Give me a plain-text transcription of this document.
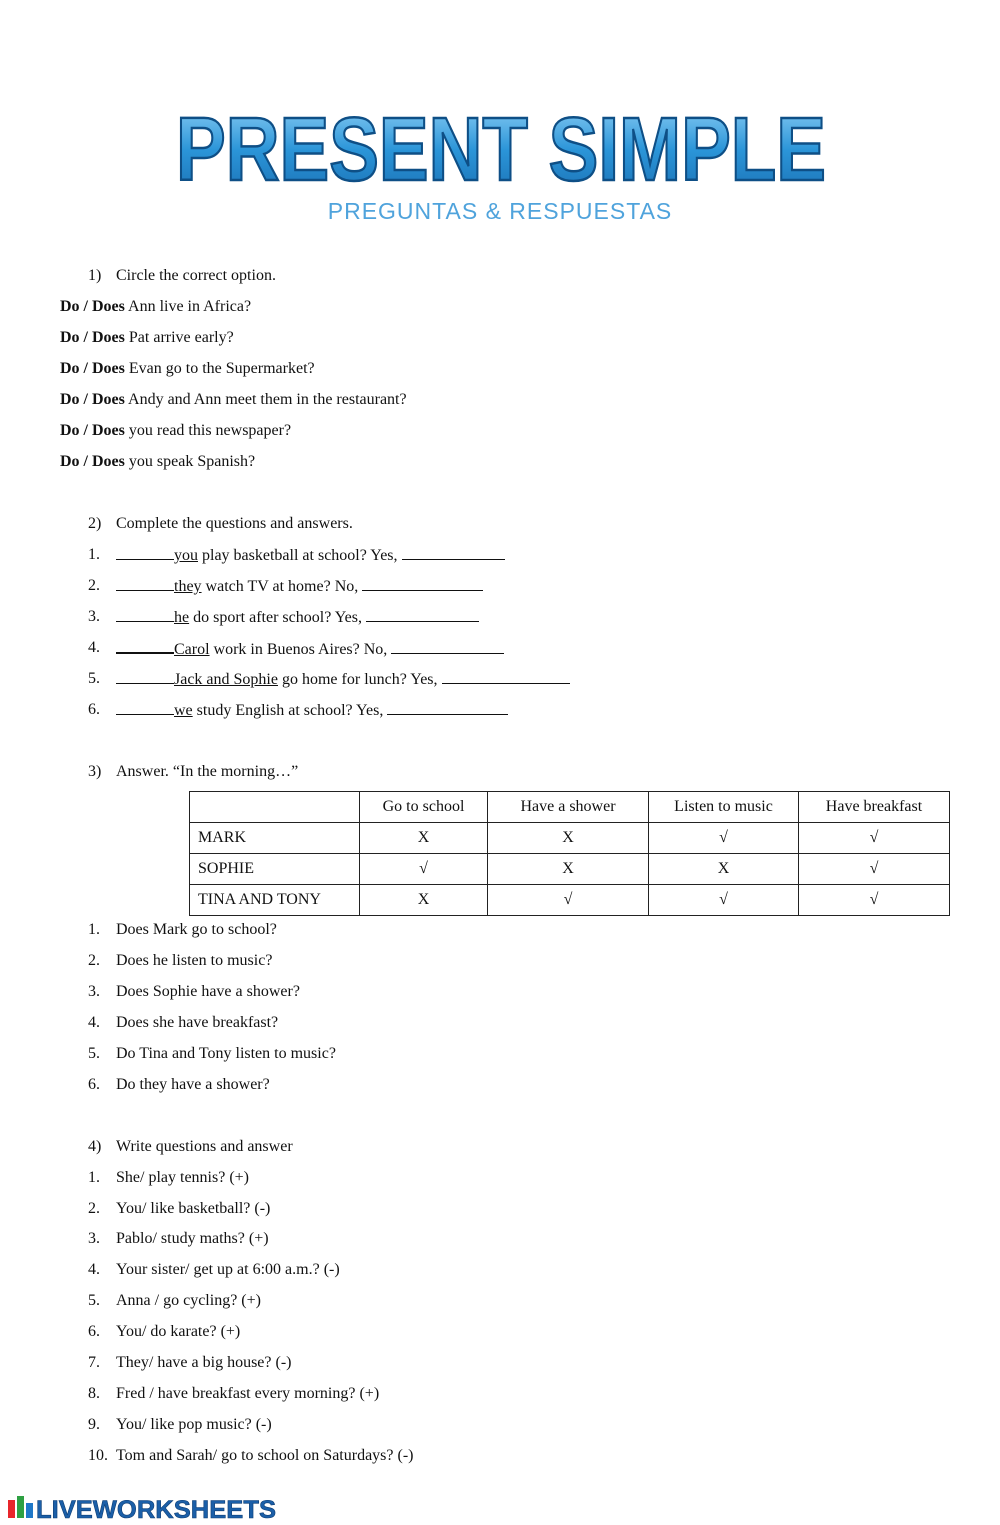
PRESENT SIMPLE
PREGUNTAS & RESPUESTAS
1) Circle the correct option.
Do / Does Ann live in Africa?
Do / Does Pat arrive early?
Do / Does Evan go to the Supermarket?
Do / Does Andy and Ann meet them in the restaurant?
Do / Does you read this newspaper?
Do / Does you speak Spanish?
2) Complete the questions and answers.
1.	you play basketball at school? Yes,
2.	they watch TV at home? No,
3.	he do sport after school? Yes,
4.	Carol work in Buenos Aires? No,
5.	Jack and Sophie go home for lunch? Yes,
6.	we study English at school? Yes,
3) Answer. “In the morning…”
	Go to school	Have a shower	Listen to music	Have breakfast
MARK	X	X	√	√
SOPHIE	√	X	X	√
TINA AND TONY	X	√	√	√
1. Does Mark go to school?
2. Does he listen to music?
3. Does Sophie have a shower?
4. Does she have breakfast?
5. Do Tina and Tony listen to music?
6. Do they have a shower?
4) Write questions and answer
1. She/ play tennis? (+)
2. You/ like basketball? (-)
3. Pablo/ study maths? (+)
4. Your sister/ get up at 6:00 a.m.? (-)
5. Anna / go cycling? (+)
6. You/ do karate? (+)
7. They/ have a big house? (-)
8. Fred / have breakfast every morning? (+)
9. You/ like pop music? (-)
10. Tom and Sarah/ go to school on Saturdays? (-)
LIVEWORKSHEETS
